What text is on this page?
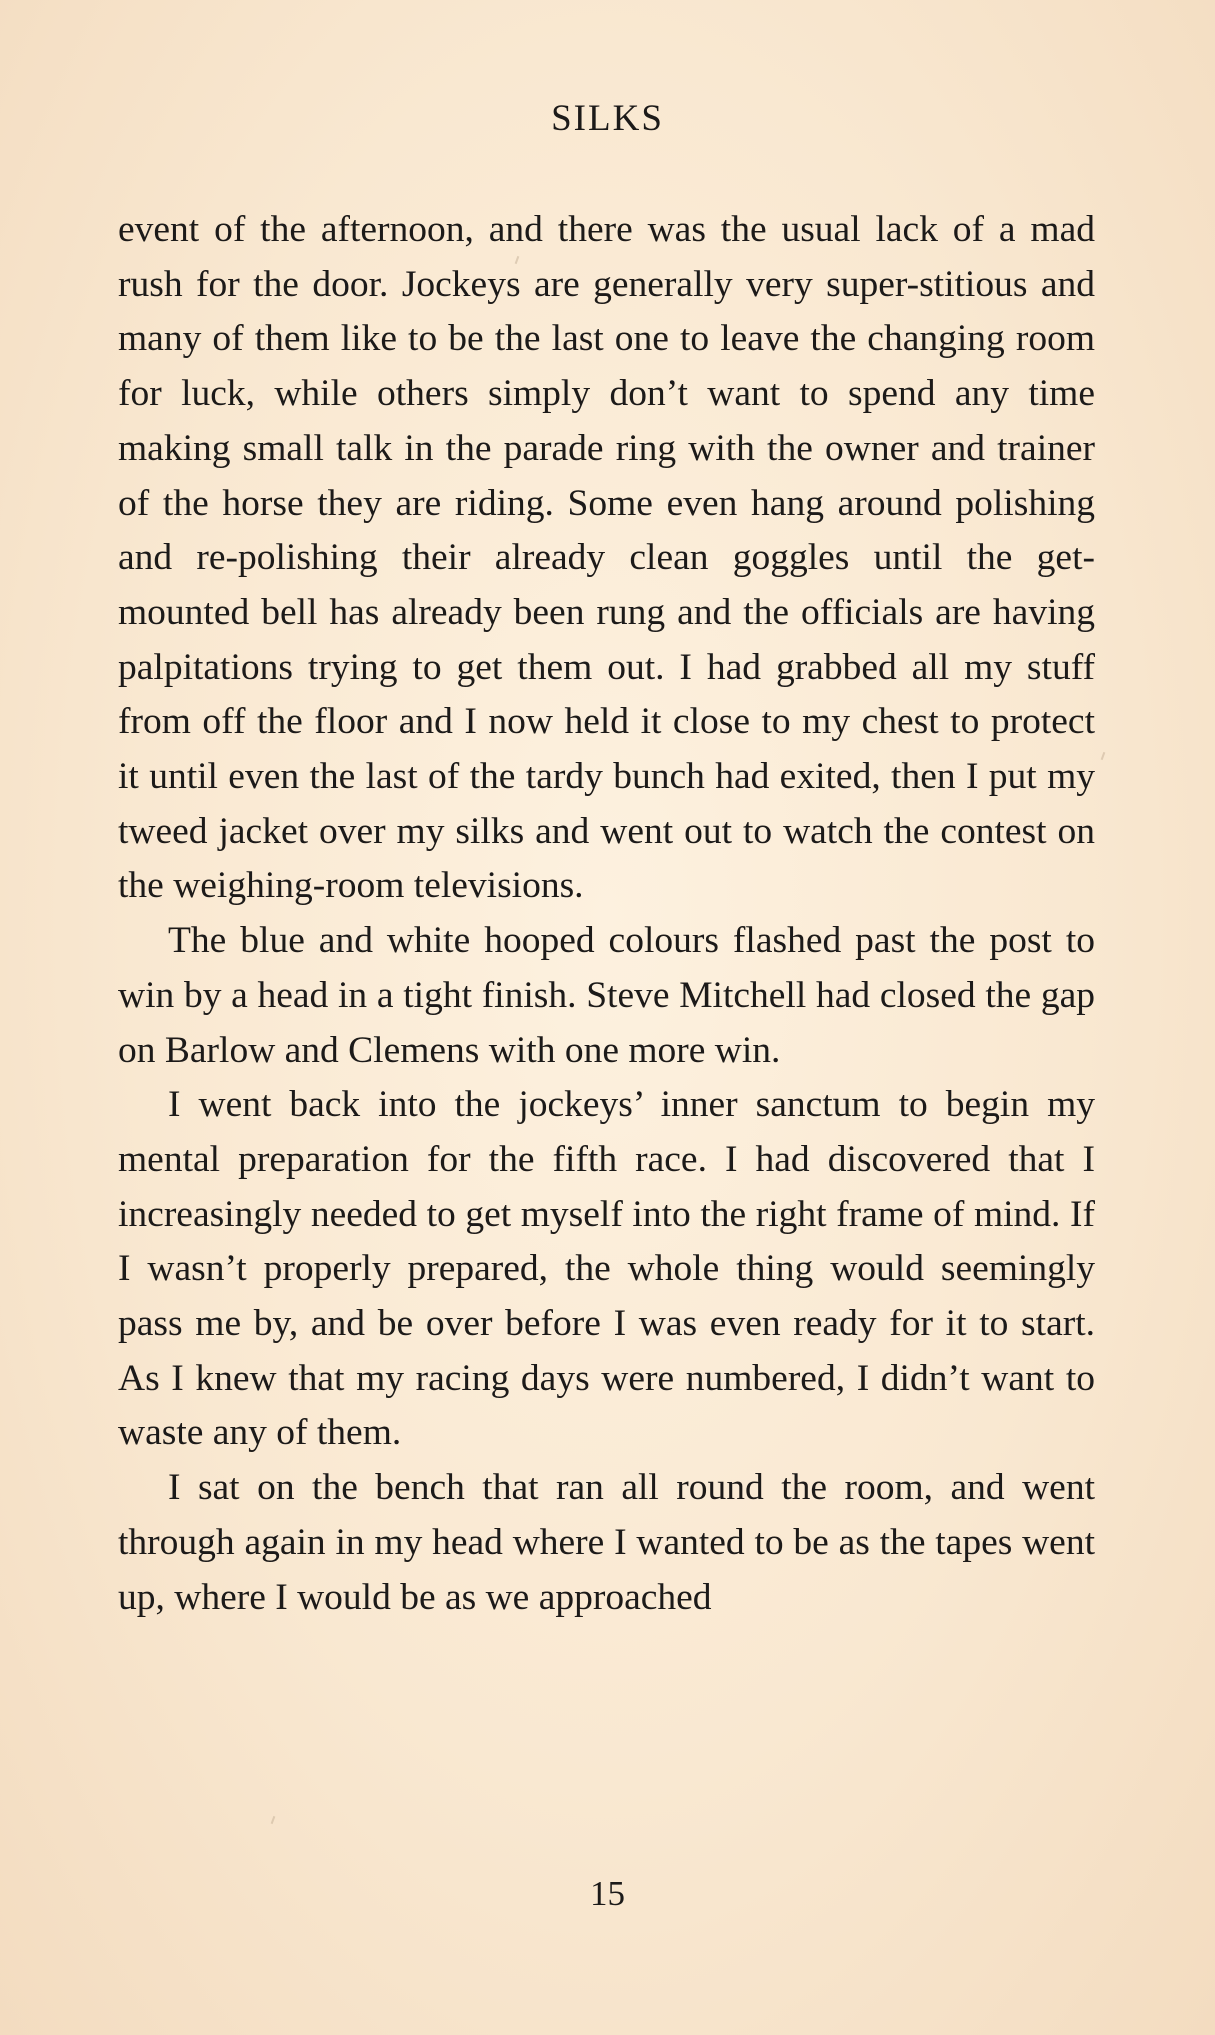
SILKS

event of the afternoon, and there was the usual lack of a mad rush for the door. Jockeys are generally very super-stitious and many of them like to be the last one to leave the changing room for luck, while others simply don’t want to spend any time making small talk in the parade ring with the owner and trainer of the horse they are riding. Some even hang around polishing and re-polishing their already clean goggles until the get-mounted bell has already been rung and the officials are having palpitations trying to get them out. I had grabbed all my stuff from off the floor and I now held it close to my chest to protect it until even the last of the tardy bunch had exited, then I put my tweed jacket over my silks and went out to watch the contest on the weighing-room televisions.

The blue and white hooped colours flashed past the post to win by a head in a tight finish. Steve Mitchell had closed the gap on Barlow and Clemens with one more win.

I went back into the jockeys’ inner sanctum to begin my mental preparation for the fifth race. I had discovered that I increasingly needed to get myself into the right frame of mind. If I wasn’t properly prepared, the whole thing would seemingly pass me by, and be over before I was even ready for it to start. As I knew that my racing days were numbered, I didn’t want to waste any of them.

I sat on the bench that ran all round the room, and went through again in my head where I wanted to be as the tapes went up, where I would be as we approached

15
